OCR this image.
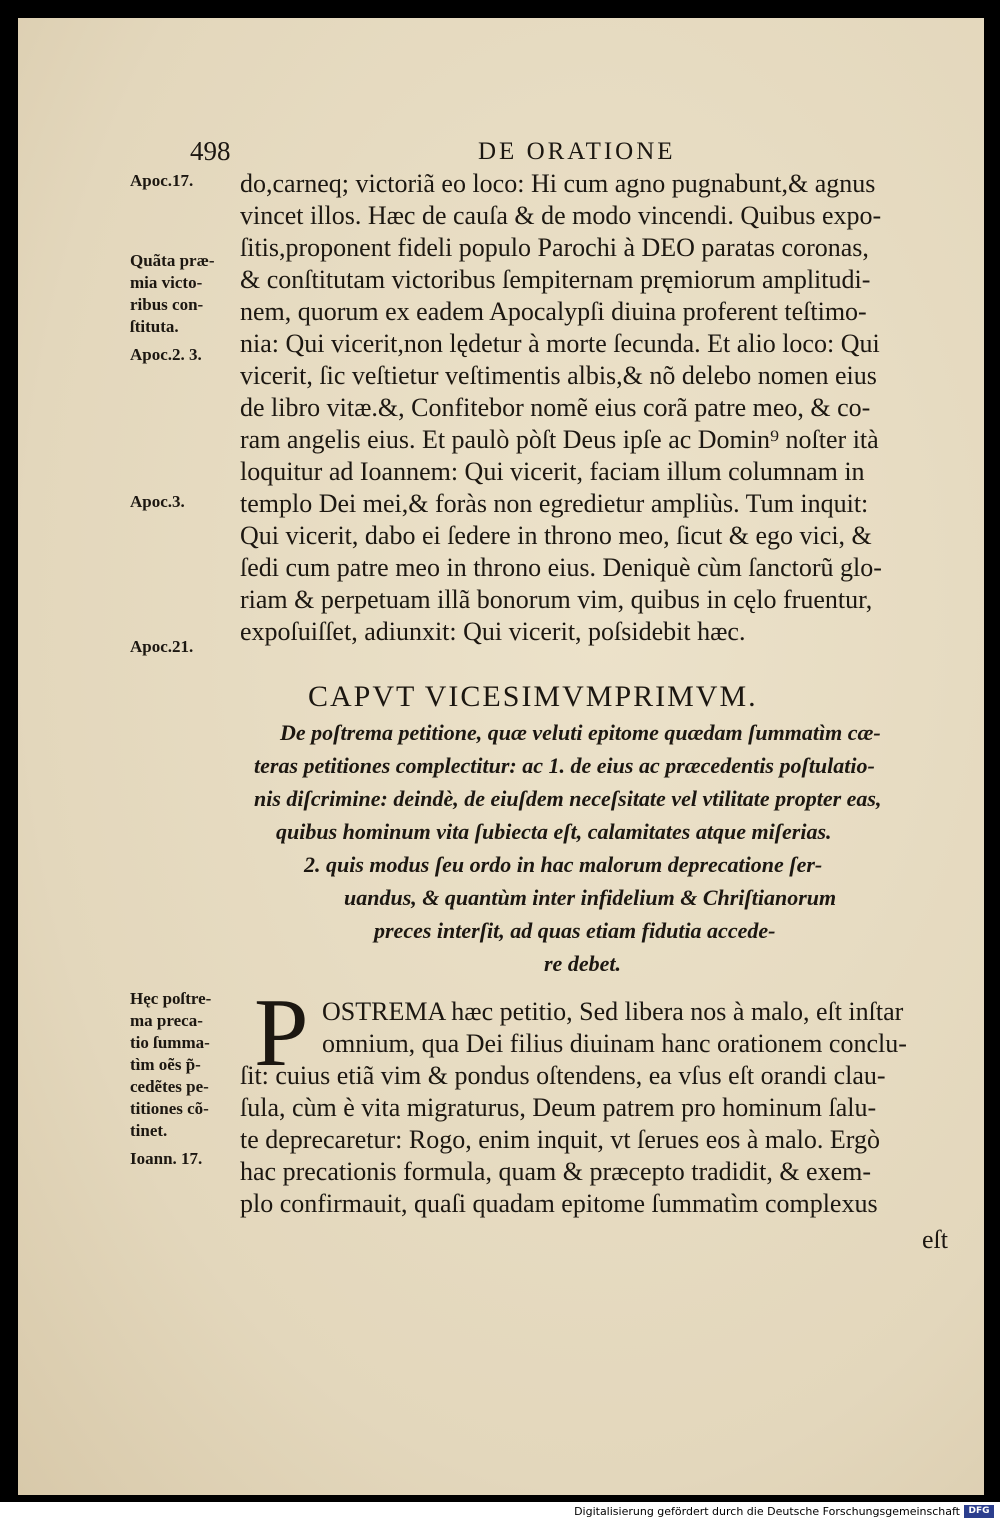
498	DE ORATIONE
Apoc.17.
Quãta præ-
mia victo-
ribus con-
ſtituta.
Apoc.2. 3.
Apoc.3.
Apoc.21.
Hęc poſtre-
ma preca-
tio ſumma-
tìm oẽs p̃-
cedẽtes pe-
titiones cõ-
tinet.
Ioann. 17.
do,carneq; victoriã eo loco: Hi cum agno pugnabunt,& agnus
vincet illos. Hæc de cauſa & de modo vincendi. Quibus expo-
ſitis,proponent fideli populo Parochi à DEO paratas coronas,
& conſtitutam victoribus ſempiternam pręmiorum amplitudi-
nem, quorum ex eadem Apocalypſi diuina proferent teſtimo-
nia: Qui vicerit,non lędetur à morte ſecunda. Et alio loco: Qui
vicerit, ſic veſtietur veſtimentis albis,& nõ delebo nomen eius
de libro vitæ.&, Confitebor nomẽ eius corã patre meo, & co-
ram angelis eius. Et paulò pòſt Deus ipſe ac Domin⁹ noſter ità
loquitur ad Ioannem: Qui vicerit, faciam illum columnam in
templo Dei mei,& foràs non egredietur ampliùs. Tum inquit:
Qui vicerit, dabo ei ſedere in throno meo, ſicut & ego vici, &
ſedi cum patre meo in throno eius. Deniquè cùm ſanctorũ glo-
riam & perpetuam illã bonorum vim, quibus in cęlo fruentur,
expoſuiſſet, adiunxit: Qui vicerit, poſsidebit hæc.
CAPVT VICESIMVMPRIMVM.
De poſtrema petitione, quæ veluti epitome quædam ſummatìm cæ-
teras petitiones complectitur: ac 1. de eius ac præcedentis poſtulatio-
nis diſcrimine: deindè, de eiuſdem neceſsitate vel vtilitate propter eas,
quibus hominum vita ſubiecta eſt, calamitates atque miſerias.
2. quis modus ſeu ordo in hac malorum deprecatione ſer-
uandus, & quantùm inter infidelium & Chriſtianorum
preces interſit, ad quas etiam fidutia accede-
re debet.
P OSTREMA hæc petitio, Sed libera nos à malo, eſt inſtar
omnium, qua Dei filius diuinam hanc orationem conclu-
ſit: cuius etiã vim & pondus oſtendens, ea vſus eſt orandi clau-
ſula, cùm è vita migraturus, Deum patrem pro hominum ſalu-
te deprecaretur: Rogo, enim inquit, vt ſerues eos à malo. Ergò
hac precationis formula, quam & præcepto tradidit, & exem-
plo confirmauit, quaſi quadam epitome ſummatìm complexus
eſt
Digitalisierung gefördert durch die Deutsche Forschungsgemeinschaft DFG
